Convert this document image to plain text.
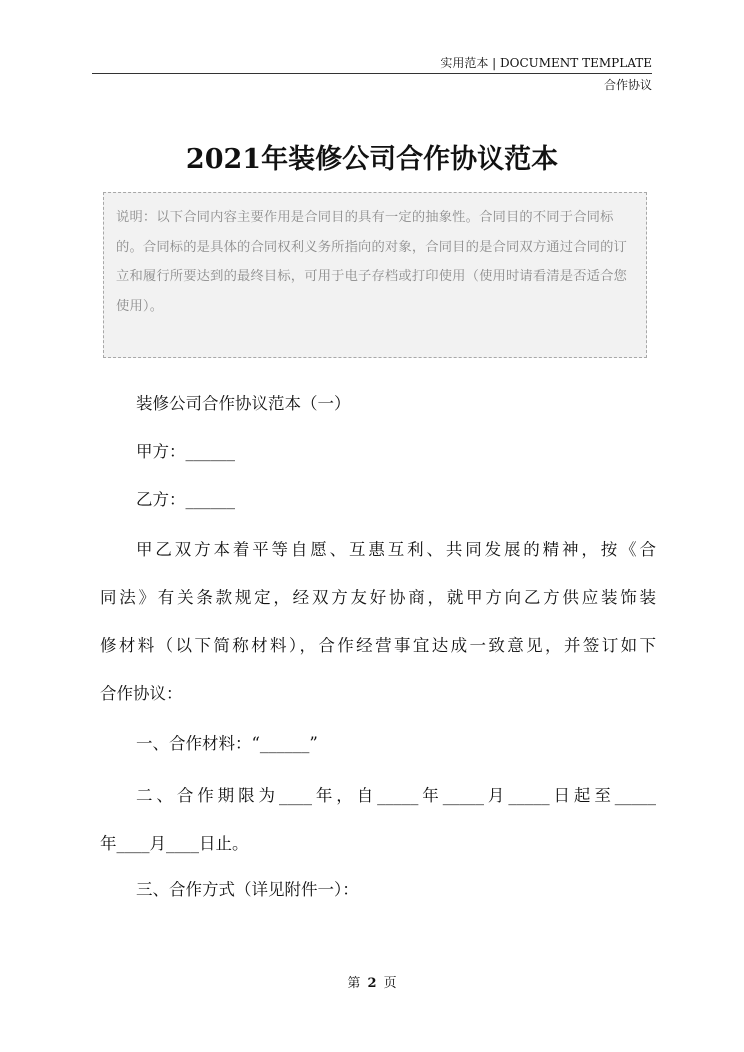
实用范本 | DOCUMENT TEMPLATE
合作协议
2021年装修公司合作协议范本
说明：以下合同内容主要作用是合同目的具有一定的抽象性。合同目的不同于合同标的。合同标的是具体的合同权利义务所指向的对象，合同目的是合同双方通过合同的订立和履行所要达到的最终目标，可用于电子存档或打印使用（使用时请看清是否适合您使用）。
装修公司合作协议范本（一）
甲方：______
乙方：______
甲乙双方本着平等自愿、互惠互利、共同发展的精神，按《合
同法》有关条款规定，经双方友好协商，就甲方向乙方供应装饰装
修材料（以下简称材料），合作经营事宜达成一致意见，并签订如下
合作协议：
一、合作材料：“______”
二、合作期限为____年，自_____年_____月_____日起至_____
年____月____日止。
三、合作方式（详见附件一）：
第 2 页
